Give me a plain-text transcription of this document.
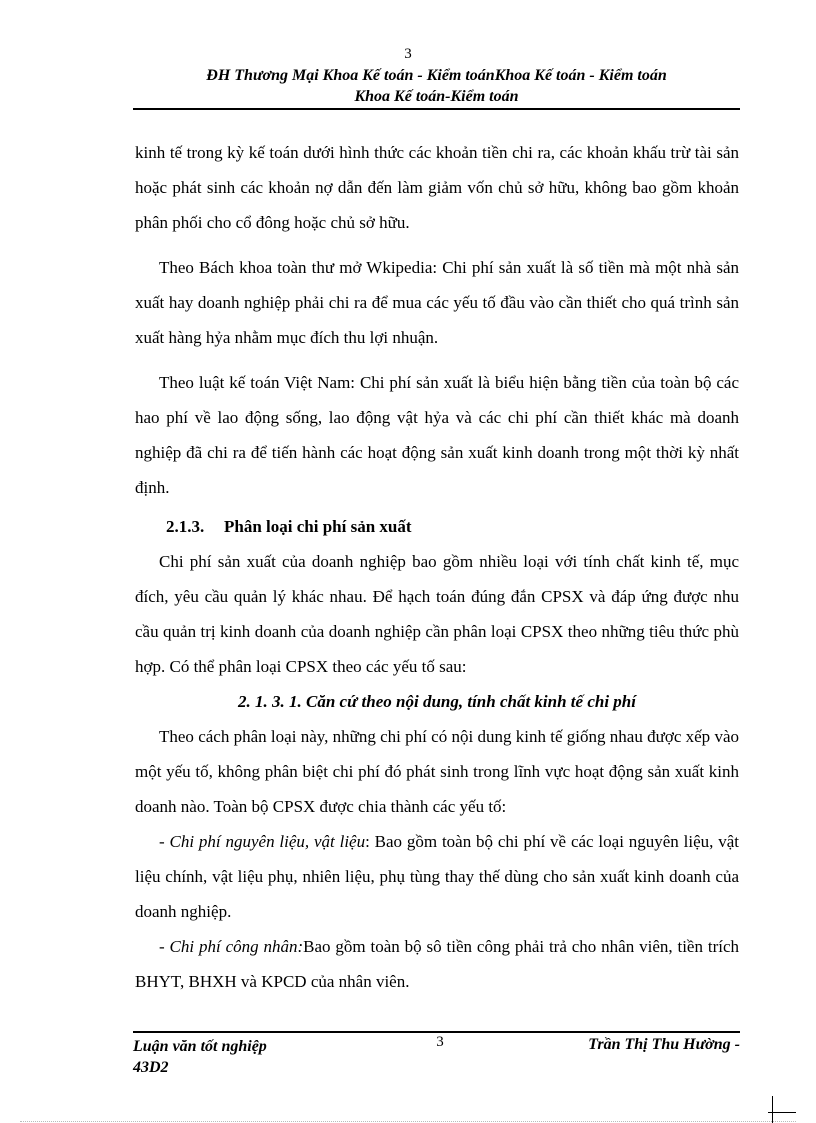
3
ĐH Thương Mại Khoa Kế toán - Kiểm toánKhoa Kế toán - Kiểm toán
Khoa Kế toán-Kiểm toán

kinh tế trong kỳ kế toán dưới hình thức các khoản tiền chi ra, các khoản khấu trừ tài sản hoặc phát sinh các khoản nợ dẫn đến làm giảm vốn chủ sở hữu, không bao gồm khoản phân phối cho cổ đông hoặc chủ sở hữu.

Theo Bách khoa toàn thư mở Wkipedia: Chi phí sản xuất là số tiền mà một nhà sản xuất hay doanh nghiệp phải chi ra để mua các yếu tố đầu vào cần thiết cho quá trình sản xuất hàng hỷa nhằm mục đích thu lợi nhuận.

Theo luật kế toán Việt Nam: Chi phí sản xuất là biểu hiện bằng tiền của toàn bộ các hao phí về lao động sống, lao động vật hỷa và các chi phí cần thiết khác mà doanh nghiệp đã chi ra để tiến hành các hoạt động sản xuất kinh doanh trong một thời kỳ nhất định.

2.1.3. Phân loại chi phí sản xuất

Chi phí sản xuất của doanh nghiệp bao gồm nhiều loại với tính chất kinh tế, mục đích, yêu cầu quản lý khác nhau. Để hạch toán đúng đắn CPSX và đáp ứng được nhu cầu quản trị kinh doanh của doanh nghiệp cần phân loại CPSX theo những tiêu thức phù hợp. Có thể phân loại CPSX theo các yếu tố sau:

2. 1. 3. 1. Căn cứ theo nội dung, tính chất kinh tế chi phí

Theo cách phân loại này, những chi phí có nội dung kinh tế giống nhau được xếp vào một yếu tố, không phân biệt chi phí đó phát sinh trong lĩnh vực hoạt động sản xuất kinh doanh nào. Toàn bộ CPSX được chia thành các yếu tố:

- Chi phí nguyên liệu, vật liệu: Bao gồm toàn bộ chi phí về các loại nguyên liệu, vật liệu chính, vật liệu phụ, nhiên liệu, phụ tùng thay thế dùng cho sản xuất kinh doanh của doanh nghiệp.

- Chi phí công nhân:Bao gồm toàn bộ sô tiền công phải trả cho nhân viên, tiền trích BHYT, BHXH và KPCD của nhân viên.

Luận văn tốt nghiệp
43D2
3	Trần Thị Thu Hường -
